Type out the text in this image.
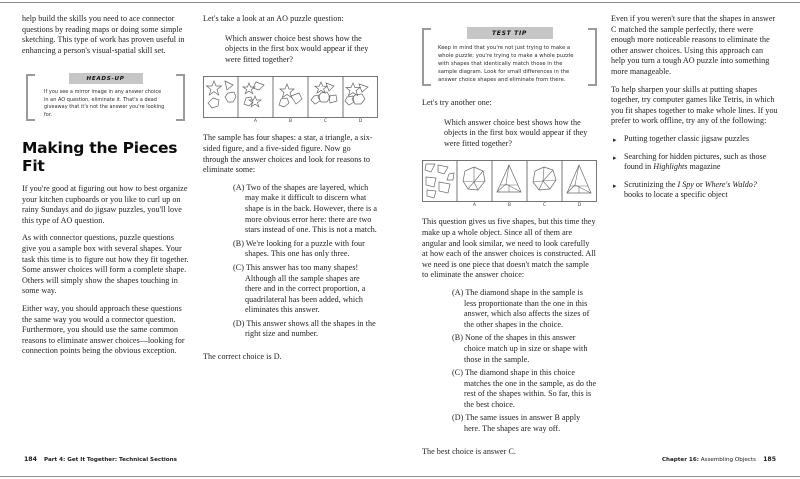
help build the skills you need to ace connector questions by reading maps or doing some simple sketching. This type of work has proven useful in enhancing a person's visual-spatial skill set.

HEADS-UP

If you see a mirror image in any answer choice in an AO question, eliminate it. That's a dead giveaway that it's not the answer you're looking for.

Making the Pieces Fit

If you're good at figuring out how to best organize your kitchen cupboards or you like to curl up on rainy Sundays and do jigsaw puzzles, you'll love this type of AO question.

As with connector questions, puzzle questions give you a sample box with several shapes. Your task this time is to figure out how they fit together. Some answer choices will form a complete shape. Others will simply show the shapes touching in some way.

Either way, you should approach these questions the same way you would a connector question. Furthermore, you should use the same common reasons to eliminate answer choices—looking for connection points being the obvious exception.

Let's take a look at an AO puzzle question:

Which answer choice best shows how the objects in the first box would appear if they were fitted together?

A	B	C	D

The sample has four shapes: a star, a triangle, a six-sided figure, and a five-sided figure. Now go through the answer choices and look for reasons to eliminate some:

(A) Two of the shapes are layered, which may make it difficult to discern what shape is in the back. However, there is a more obvious error here: there are two stars instead of one. This is not a match.

(B) We're looking for a puzzle with four shapes. This one has only three.

(C) This answer has too many shapes! Although all the sample shapes are there and in the correct proportion, a quadrilateral has been added, which eliminates this answer.

(D) This answer shows all the shapes in the right size and number.

The correct choice is D.

184 Part 4: Get It Together: Technical Sections
TEST TIP

Keep in mind that you're not just trying to make a whole puzzle; you're trying to make a whole puzzle with shapes that identically match those in the sample diagram. Look for small differences in the answer choice shapes and eliminate from there.

Let's try another one:

Which answer choice best shows how the objects in the first box would appear if they were fitted together?

A	B	C	D

This question gives us five shapes, but this time they make up a whole object. Since all of them are angular and look similar, we need to look carefully at how each of the answer choices is constructed. All we need is one piece that doesn't match the sample to eliminate the answer choice:

(A) The diamond shape in the sample is less proportionate than the one in this answer, which also affects the sizes of the other shapes in the choice.

(B) None of the shapes in this answer choice match up in size or shape with those in the sample.

(C) The diamond shape in this choice matches the one in the sample, as do the rest of the shapes within. So far, this is the best choice.

(D) The same issues in answer B apply here. The shapes are way off.

The best choice is answer C.

Even if you weren't sure that the shapes in answer C matched the sample perfectly, there were enough more noticeable reasons to eliminate the other answer choices. Using this approach can help you turn a tough AO puzzle into something more manageable.

To help sharpen your skills at putting shapes together, try computer games like Tetris, in which you fit shapes together to make whole lines. If you prefer to work offline, try any of the following:

▸ Putting together classic jigsaw puzzles
▸ Searching for hidden pictures, such as those found in Highlights magazine
▸ Scrutinizing the I Spy or Where's Waldo? books to locate a specific object
Chapter 16: Assembling Objects 185
